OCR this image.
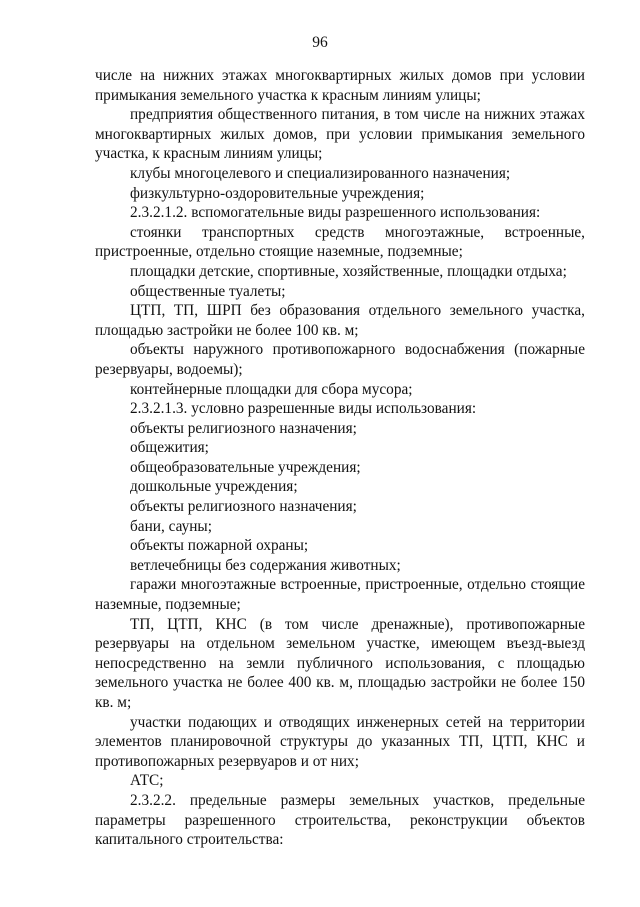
96

числе на нижних этажах многоквартирных жилых домов при условии примыкания земельного участка к красным линиям улицы;

предприятия общественного питания, в том числе на нижних этажах многоквартирных жилых домов, при условии примыкания земельного участка, к красным линиям улицы;

клубы многоцелевого и специализированного назначения;

физкультурно-оздоровительные учреждения;

2.3.2.1.2. вспомогательные виды разрешенного использования:

стоянки транспортных средств многоэтажные, встроенные, пристроенные, отдельно стоящие наземные, подземные;

площадки детские, спортивные, хозяйственные, площадки отдыха;

общественные туалеты;

ЦТП, ТП, ШРП без образования отдельного земельного участка, площадью застройки не более 100 кв. м;

объекты наружного противопожарного водоснабжения (пожарные резервуары, водоемы);

контейнерные площадки для сбора мусора;

2.3.2.1.3. условно разрешенные виды использования:

объекты религиозного назначения;

общежития;

общеобразовательные учреждения;

дошкольные учреждения;

объекты религиозного назначения;

бани, сауны;

объекты пожарной охраны;

ветлечебницы без содержания животных;

гаражи многоэтажные встроенные, пристроенные, отдельно стоящие наземные, подземные;

ТП, ЦТП, КНС (в том числе дренажные), противопожарные резервуары на отдельном земельном участке, имеющем въезд-выезд непосредственно на земли публичного использования, с площадью земельного участка не более 400 кв. м, площадью застройки не более 150 кв. м;

участки подающих и отводящих инженерных сетей на территории элементов планировочной структуры до указанных ТП, ЦТП, КНС и противопожарных резервуаров и от них;

АТС;

2.3.2.2. предельные размеры земельных участков, предельные параметры разрешенного строительства, реконструкции объектов капитального строительства:
